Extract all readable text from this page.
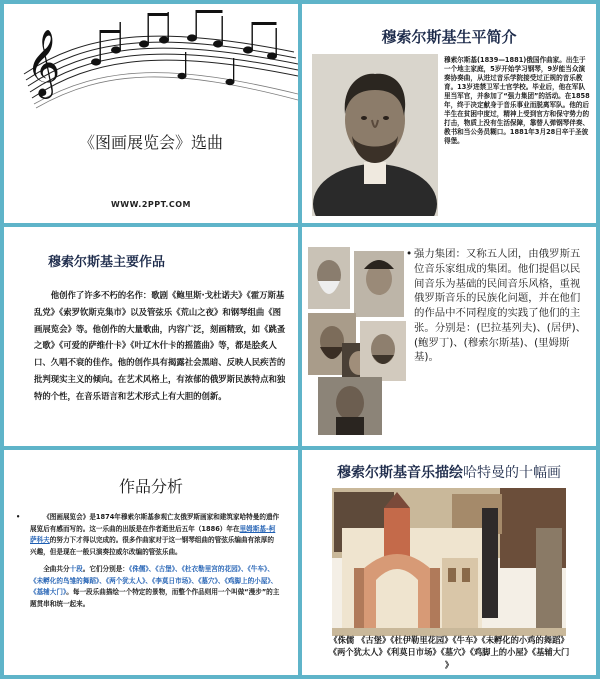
𝄞
《图画展览会》选曲
WWW.2PPT.COM
穆索尔斯基生平简介
穆索尔斯基(1839—1881)俄国作曲家。出生于一个地主家庭，5岁开始学习钢琴，9岁能当众演奏协奏曲，从进过音乐学院接受过正规的音乐教育。13岁进禁卫军士官学校。毕业后，他在军队里当军官，并参加了“强力集团”的活动。在1858年，终于决定献身于音乐事业而脱离军队。他的后半生在贫困中度过，精神上受到官方和保守势力的打击，物质上没有生活保障，靠替人弹钢琴伴奏、教书和当公务员糊口。1881年3月28日卒于圣彼得堡。
穆索尔斯基主要作品
他创作了许多不朽的名作：歌剧《鲍里斯·戈杜诺夫》《霍万斯基乱党》《索罗钦斯克集市》以及管弦乐《荒山之夜》和钢琴组曲《图画展览会》等。他创作的大量歌曲，内容广泛，刻画精致，如《跳蚤之歌》《可爱的萨维什卡》《叶辽木什卡的摇篮曲》等，都是脍炙人口、久唱不衰的佳作。他的创作具有揭露社会黑暗、反映人民疾苦的批判现实主义的倾向。在艺术风格上，有浓郁的俄罗斯民族特点和独特的个性，在音乐语言和艺术形式上有大胆的创新。
• 强力集团：又称五人团，由俄罗斯五位音乐家组成的集团。他们提倡以民间音乐为基础的民间音乐风格，重视俄罗斯音乐的民族化问题，并在他们的作品中不同程度的实践了他们的主张。分别是：(巴拉基列夫)、(居伊)、(鲍罗丁)、(穆索尔斯基)、(里姆斯基)。
作品分析

•	《图画展览会》是1874年穆索尔斯基参观亡友俄罗斯画家和建筑家哈特曼的遗作展览后有感而写的。这一乐曲的出版是在作者逝世后五年（1886）年在里姆斯基-柯萨科夫的努力下才得以完成的。很多作曲家对于这一钢琴组曲的管弦乐编曲有浓厚的兴趣，但是现在一般只演奏拉威尔改编的管弦乐曲。

全曲共分十段。它们分别是：《侏儒》、《古堡》、《杜衣勒里宫的花园》、《牛车》、《未孵化的鸟雏的舞蹈》、《两个犹太人》、《李莫日市场》、《墓穴》、《鸡脚上的小屋》、《基辅大门》。每一段乐曲描绘一个特定的景物，而整个作品则用一个叫做“漫步”的主题贯串和统一起来。

穆索尔斯基音乐描绘哈特曼的十幅画
《侏儒 《古堡》《杜伊勒里花园》《牛车》《未孵化的小鸡的舞蹈》
《两个犹太人》《利莫日市场》《墓穴》《鸡脚上的小屋》《基辅大门
》
